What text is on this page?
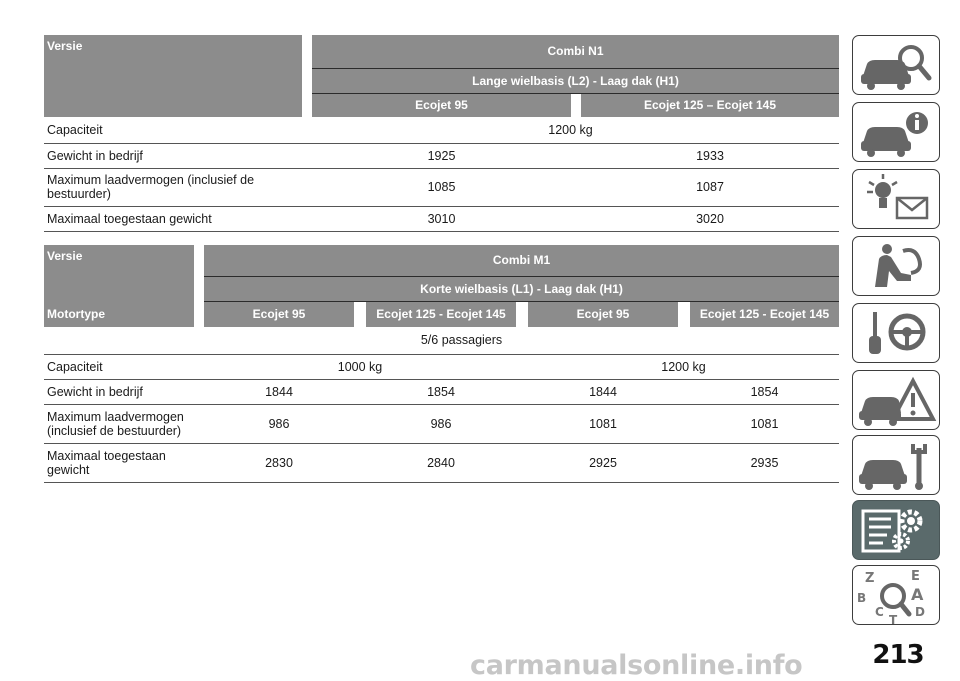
Versie		Combi N1		
		Lange wielbasis (L2) - Laag dak (H1)		
		Ecojet 95		Ecojet 125 – Ecojet 145
Capaciteit	1200 kg			
Gewicht in bedrijf		1925		1933
Maximum laadvermogen (inclusief de bestuurder)		1085		1087
Maximaal toegestaan gewicht		3010		3020
Versie		Combi M1						
		Korte wielbasis (L1) - Laag dak (H1)						
Motortype		Ecojet 95		Ecojet 125 - Ecojet 145		Ecojet 95		Ecojet 125 - Ecojet 145
5/6 passagiers								
Capaciteit		1000 kg				1200 kg		
Gewicht in bedrijf		1844		1854		1844		1854
Maximum laadvermogen (inclusief de bestuurder)		986		986		1081		1081
Maximaal toegestaan gewicht		2830		2840		2925		2935
Z	E
B	A
C	D
T
carmanualsonline.info	213
